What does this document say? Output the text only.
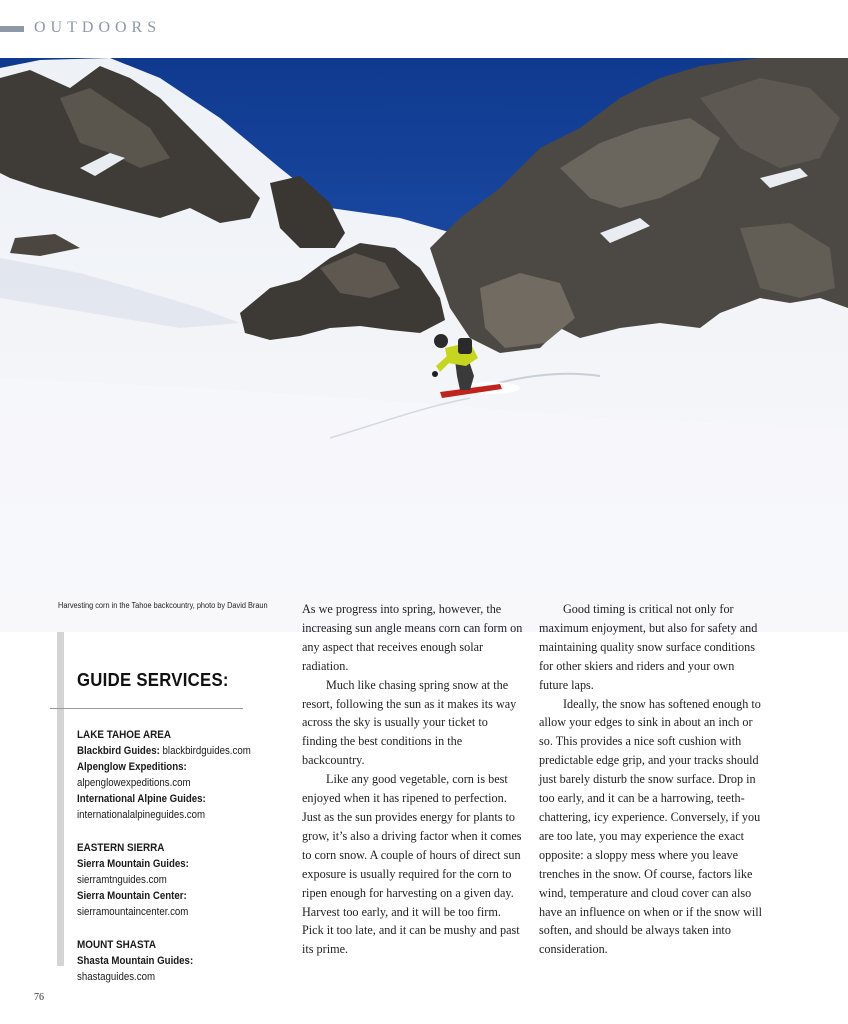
OUTDOORS
Harvesting corn in the Tahoe backcountry, photo by David Braun
GUIDE SERVICES:
LAKE TAHOE AREA
Blackbird Guides: blackbirdguides.com
Alpenglow Expeditions: alpenglowexpeditions.com
International Alpine Guides:
internationalalpineguides.com
EASTERN SIERRA
Sierra Mountain Guides: sierramtnguides.com
Sierra Mountain Center: sierramountaincenter.com
MOUNT SHASTA
Shasta Mountain Guides: shastaguides.com

As we progress into spring, however, the increasing sun angle means corn can form on any aspect that receives enough solar radiation.

Much like chasing spring snow at the resort, following the sun as it makes its way across the sky is usually your ticket to finding the best conditions in the backcountry.

Like any good vegetable, corn is best enjoyed when it has ripened to perfection. Just as the sun provides energy for plants to grow, it’s also a driving factor when it comes to corn snow. A couple of hours of direct sun exposure is usually required for the corn to ripen enough for harvesting on a given day. Harvest too early, and it will be too firm. Pick it too late, and it can be mushy and past its prime.

Good timing is critical not only for maximum enjoyment, but also for safety and maintaining quality snow surface conditions for other skiers and riders and your own future laps.

Ideally, the snow has softened enough to allow your edges to sink in about an inch or so. This provides a nice soft cushion with predictable edge grip, and your tracks should just barely disturb the snow surface. Drop in too early, and it can be a harrowing, teeth-chattering, icy experience. Conversely, if you are too late, you may experience the exact opposite: a sloppy mess where you leave trenches in the snow. Of course, factors like wind, temperature and cloud cover can also have an influence on when or if the snow will soften, and should be always taken into consideration.

76
